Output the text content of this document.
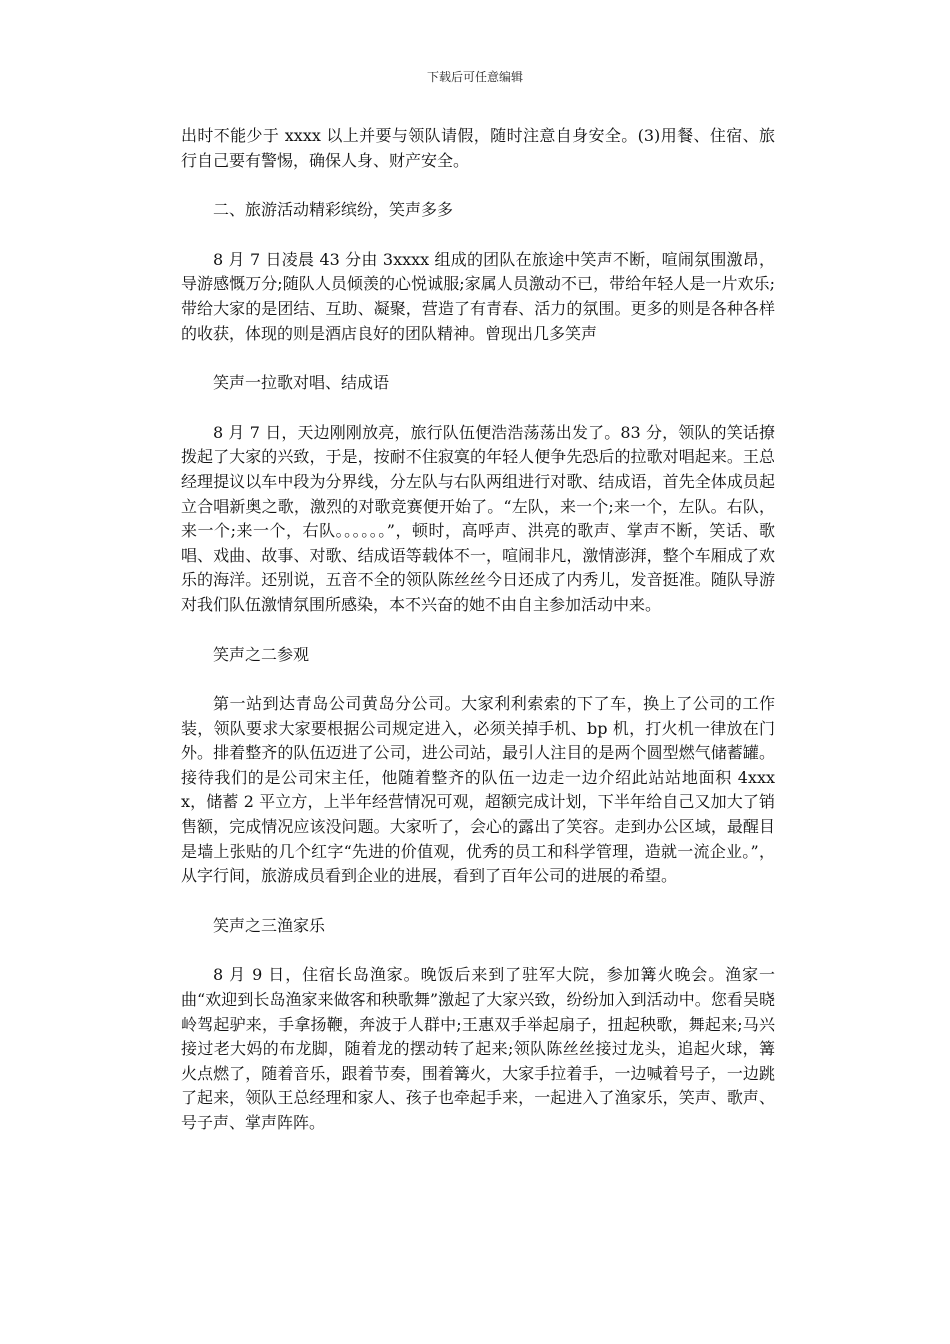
下载后可任意编辑

出时不能少于 xxxx 以上并要与领队请假，随时注意自身安全。(3)用餐、住宿、旅行自己要有警惕，确保人身、财产安全。

二、旅游活动精彩缤纷，笑声多多

8 月 7 日凌晨 43 分由 3xxxx 组成的团队在旅途中笑声不断，喧闹氛围激昂，导游感慨万分;随队人员倾羡的心悦诚服;家属人员激动不已，带给年轻人是一片欢乐;带给大家的是团结、互助、凝聚，营造了有青春、活力的氛围。更多的则是各种各样的收获，体现的则是酒店良好的团队精神。曾现出几多笑声

笑声一拉歌对唱、结成语

8 月 7 日，天边刚刚放亮，旅行队伍便浩浩荡荡出发了。83 分，领队的笑话撩拨起了大家的兴致，于是，按耐不住寂寞的年轻人便争先恐后的拉歌对唱起来。王总经理提议以车中段为分界线，分左队与右队两组进行对歌、结成语，首先全体成员起立合唱新奥之歌，激烈的对歌竞赛便开始了。“左队，来一个;来一个，左队。右队，来一个;来一个，右队。。。。。。”，顿时，高呼声、洪亮的歌声、掌声不断，笑话、歌唱、戏曲、故事、对歌、结成语等载体不一，喧闹非凡，激情澎湃，整个车厢成了欢乐的海洋。还别说，五音不全的领队陈丝丝今日还成了内秀儿，发音挺准。随队导游对我们队伍激情氛围所感染，本不兴奋的她不由自主参加活动中来。

笑声之二参观

第一站到达青岛公司黄岛分公司。大家利利索索的下了车，换上了公司的工作装，领队要求大家要根据公司规定进入，必须关掉手机、bp 机，打火机一律放在门外。排着整齐的队伍迈进了公司，进公司站，最引人注目的是两个圆型燃气储蓄罐。接待我们的是公司宋主任，他随着整齐的队伍一边走一边介绍此站站地面积 4xxxx，储蓄 2 平立方，上半年经营情况可观，超额完成计划，下半年给自己又加大了销售额，完成情况应该没问题。大家听了，会心的露出了笑容。走到办公区域，最醒目是墙上张贴的几个红字“先进的价值观，优秀的员工和科学管理，造就一流企业。”，从字行间，旅游成员看到企业的进展，看到了百年公司的进展的希望。

笑声之三渔家乐

8 月 9 日，住宿长岛渔家。晚饭后来到了驻军大院，参加篝火晚会。渔家一曲“欢迎到长岛渔家来做客和秧歌舞”激起了大家兴致，纷纷加入到活动中。您看吴晓岭驾起驴来，手拿扬鞭，奔波于人群中;王惠双手举起扇子，扭起秧歌，舞起来;马兴接过老大妈的布龙脚，随着龙的摆动转了起来;领队陈丝丝接过龙头，追起火球，篝火点燃了，随着音乐，跟着节奏，围着篝火，大家手拉着手，一边喊着号子，一边跳了起来，领队王总经理和家人、孩子也牵起手来，一起进入了渔家乐，笑声、歌声、号子声、掌声阵阵。
